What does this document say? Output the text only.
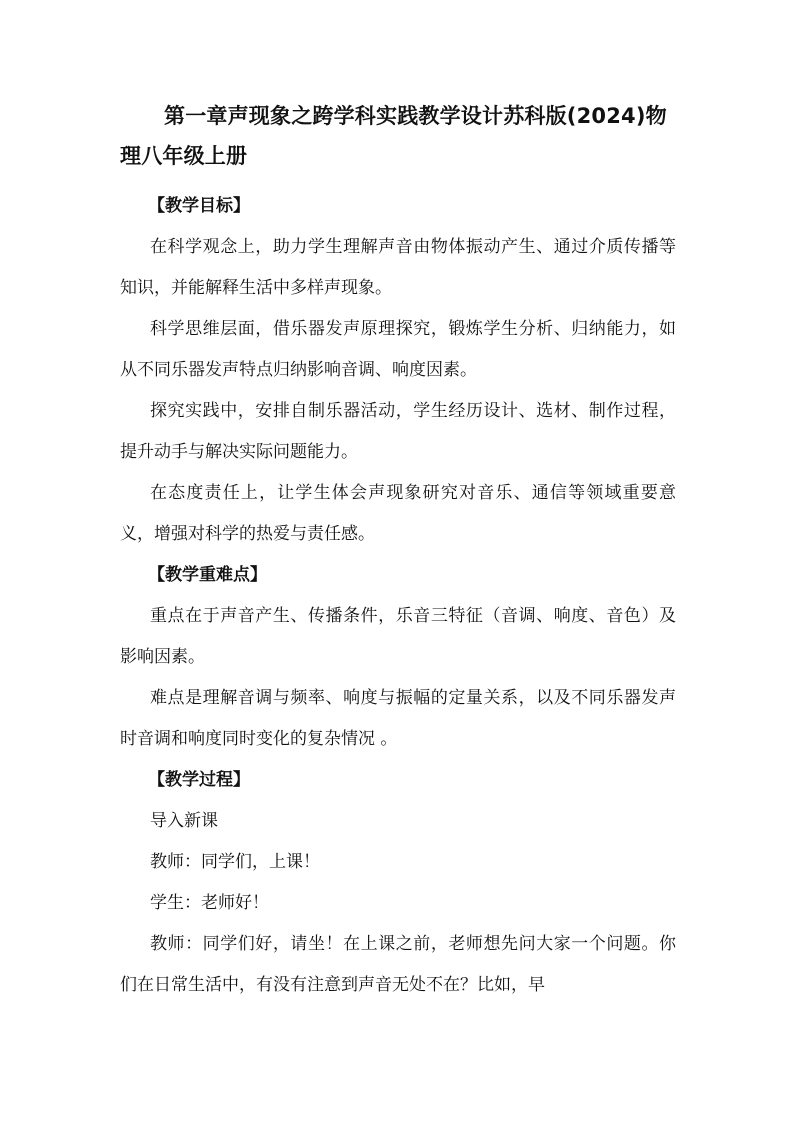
第一章声现象之跨学科实践教学设计苏科版(2024)物理八年级上册
【教学目标】

在科学观念上，助力学生理解声音由物体振动产生、通过介质传播等知识，并能解释生活中多样声现象。

科学思维层面，借乐器发声原理探究，锻炼学生分析、归纳能力，如从不同乐器发声特点归纳影响音调、响度因素。

探究实践中，安排自制乐器活动，学生经历设计、选材、制作过程，提升动手与解决实际问题能力。

在态度责任上，让学生体会声现象研究对音乐、通信等领域重要意义，增强对科学的热爱与责任感。

【教学重难点】

重点在于声音产生、传播条件，乐音三特征（音调、响度、音色）及影响因素。

难点是理解音调与频率、响度与振幅的定量关系，以及不同乐器发声时音调和响度同时变化的复杂情况 。

【教学过程】

导入新课

教师：同学们，上课！

学生：老师好！

教师：同学们好，请坐！在上课之前，老师想先问大家一个问题。你们在日常生活中，有没有注意到声音无处不在？比如，早
